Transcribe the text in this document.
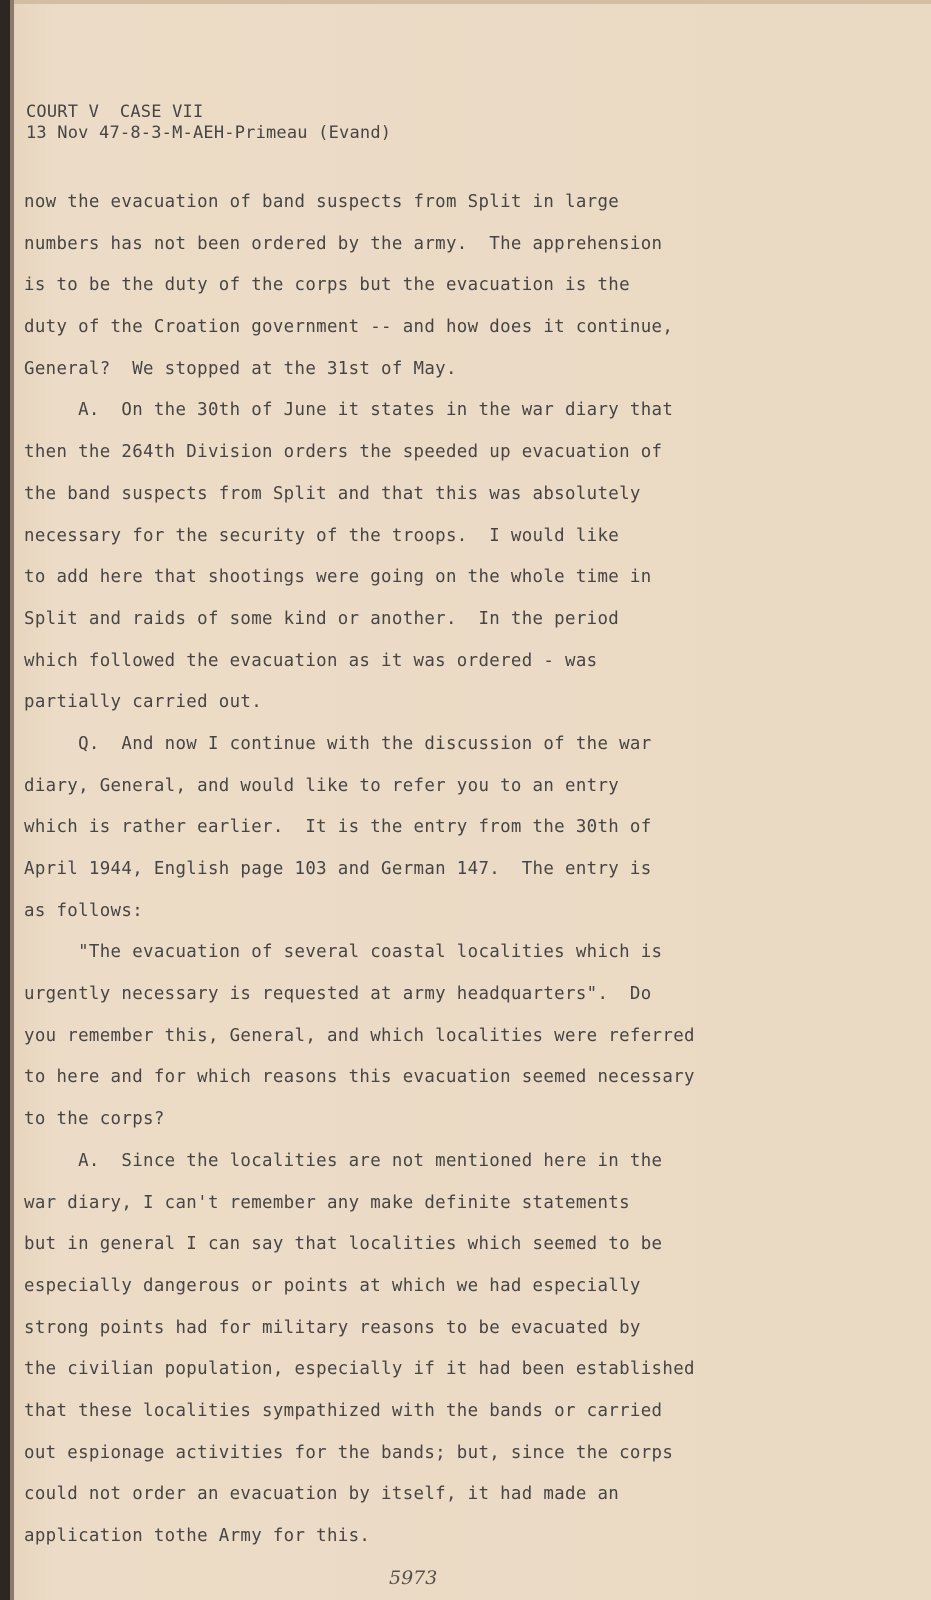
COURT V  CASE VII
13 Nov 47-8-3-M-AEH-Primeau (Evand)
now the evacuation of band suspects from Split in large
numbers has not been ordered by the army.  The apprehension
is to be the duty of the corps but the evacuation is the
duty of the Croation government -- and how does it continue,
General?  We stopped at the 31st of May.
A.  On the 30th of June it states in the war diary that
then the 264th Division orders the speeded up evacuation of
the band suspects from Split and that this was absolutely
necessary for the security of the troops.  I would like
to add here that shootings were going on the whole time in
Split and raids of some kind or another.  In the period
which followed the evacuation as it was ordered - was
partially carried out.
Q.  And now I continue with the discussion of the war
diary, General, and would like to refer you to an entry
which is rather earlier.  It is the entry from the 30th of
April 1944, English page 103 and German 147.  The entry is
as follows:
"The evacuation of several coastal localities which is
urgently necessary is requested at army headquarters".  Do
you remember this, General, and which localities were referred
to here and for which reasons this evacuation seemed necessary
to the corps?
A.  Since the localities are not mentioned here in the
war diary, I can't remember any make definite statements
but in general I can say that localities which seemed to be
especially dangerous or points at which we had especially
strong points had for military reasons to be evacuated by
the civilian population, especially if it had been established
that these localities sympathized with the bands or carried
out espionage activities for the bands; but, since the corps
could not order an evacuation by itself, it had made an
application tothe Army for this.
5973
